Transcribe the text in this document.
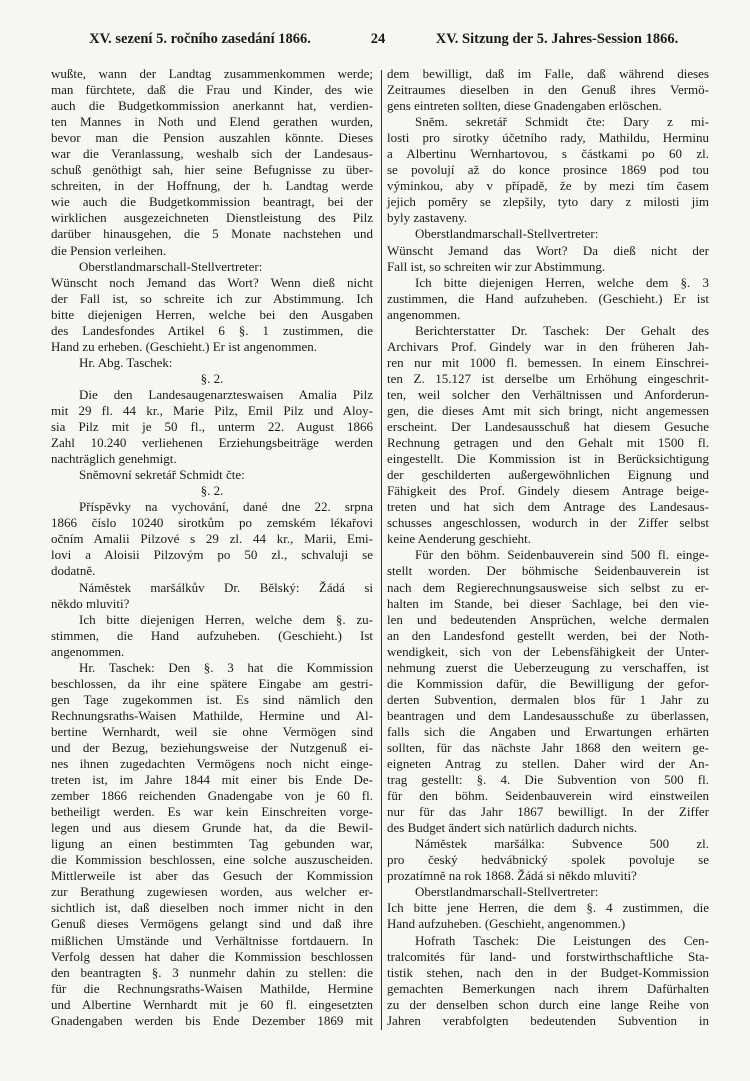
XV. sezení 5. ročního zasedání 1866.	24	XV. Sitzung der 5. Jahres-Session 1866.
wußte, wann der Landtag zusammenkommen werde;
man fürchtete, daß die Frau und Kinder, des wie
auch die Budgetkommission anerkannt hat, verdien-
ten Mannes in Noth und Elend gerathen wurden,
bevor man die Pension auszahlen könnte. Dieses
war die Veranlassung, weshalb sich der Landesaus-
schuß genöthigt sah, hier seine Befugnisse zu über-
schreiten, in der Hoffnung, der h. Landtag werde
wie auch die Budgetkommission beantragt, bei der
wirklichen ausgezeichneten Dienstleistung des Pilz
darüber hinausgehen, die 5 Monate nachstehen und
die Pension verleihen.
Oberstlandmarschall-Stellvertreter:
Wünscht noch Jemand das Wort? Wenn dieß nicht
der Fall ist, so schreite ich zur Abstimmung. Ich
bitte diejenigen Herren, welche bei den Ausgaben
des Landesfondes Artikel 6 §. 1 zustimmen, die
Hand zu erheben. (Geschieht.) Er ist angenommen.
Hr. Abg. Taschek:
§. 2.
Die den Landesaugenarzteswaisen Amalia Pilz
mit 29 fl. 44 kr., Marie Pilz, Emil Pilz und Aloy-
sia Pilz mit je 50 fl., unterm 22. August 1866
Zahl 10.240 verliehenen Erziehungsbeiträge werden
nachträglich genehmigt.
Sněmovní sekretář Schmidt čte:
§. 2.
Příspěvky na vychování, dané dne 22. srpna
1866 číslo 10240 sirotkům po zemském lékařovi
očním Amalii Pilzové s 29 zl. 44 kr., Marii, Emi-
lovi a Aloisii Pilzovým po 50 zl., schvaluji se
dodatně.
Náměstek maršálkův Dr. Bělský: Žádá si
někdo mluviti?
Ich bitte diejenigen Herren, welche dem §. zu-
stimmen, die Hand aufzuheben. (Geschieht.) Ist
angenommen.
Hr. Taschek: Den §. 3 hat die Kommission
beschlossen, da ihr eine spätere Eingabe am gestri-
gen Tage zugekommen ist. Es sind nämlich den
Rechnungsraths-Waisen Mathilde, Hermine und Al-
bertine Wernhardt, weil sie ohne Vermögen sind
und der Bezug, beziehungsweise der Nutzgenuß ei-
nes ihnen zugedachten Vermögens noch nicht einge-
treten ist, im Jahre 1844 mit einer bis Ende De-
zember 1866 reichenden Gnadengabe von je 60 fl.
betheiligt werden. Es war kein Einschreiten vorge-
legen und aus diesem Grunde hat, da die Bewil-
ligung an einen bestimmten Tag gebunden war,
die Kommission beschlossen, eine solche auszuscheiden.
Mittlerweile ist aber das Gesuch der Kommission
zur Berathung zugewiesen worden, aus welcher er-
sichtlich ist, daß dieselben noch immer nicht in den
Genuß dieses Vermögens gelangt sind und daß ihre
mißlichen Umstände und Verhältnisse fortdauern. In
Verfolg dessen hat daher die Kommission beschlossen
den beantragten §. 3 nunmehr dahin zu stellen: die
für die Rechnungsraths-Waisen Mathilde, Hermine
und Albertine Wernhardt mit je 60 fl. eingesetzten
Gnadengaben werden bis Ende Dezember 1869 mit
dem bewilligt, daß im Falle, daß während dieses
Zeitraumes dieselben in den Genuß ihres Vermö-
gens eintreten sollten, diese Gnadengaben erlöschen.
Sněm. sekretář Schmidt čte: Dary z mi-
losti pro sirotky účetního rady, Mathildu, Herminu
a Albertinu Wernhartovou, s částkami po 60 zl.
se povolují až do konce prosince 1869 pod tou
výminkou, aby v případě, že by mezi tím časem
jejich poměry se zlepšily, tyto dary z milosti jim
byly zastaveny.
Oberstlandmarschall-Stellvertreter:
Wünscht Jemand das Wort? Da dieß nicht der
Fall ist, so schreiten wir zur Abstimmung.
Ich bitte diejenigen Herren, welche dem §. 3
zustimmen, die Hand aufzuheben. (Geschieht.) Er ist
angenommen.
Berichterstatter Dr. Taschek: Der Gehalt des
Archivars Prof. Gindely war in den früheren Jah-
ren nur mit 1000 fl. bemessen. In einem Einschrei-
ten Z. 15.127 ist derselbe um Erhöhung eingeschrit-
ten, weil solcher den Verhältnissen und Anforderun-
gen, die dieses Amt mit sich bringt, nicht angemessen
erscheint. Der Landesausschuß hat diesem Gesuche
Rechnung getragen und den Gehalt mit 1500 fl.
eingestellt. Die Kommission ist in Berücksichtigung
der geschilderten außergewöhnlichen Eignung und
Fähigkeit des Prof. Gindely diesem Antrage beige-
treten und hat sich dem Antrage des Landesaus-
schusses angeschlossen, wodurch in der Ziffer selbst
keine Aenderung geschieht.
Für den böhm. Seidenbauverein sind 500 fl. einge-
stellt worden. Der böhmische Seidenbauverein ist
nach dem Regierechnungsausweise sich selbst zu er-
halten im Stande, bei dieser Sachlage, bei den vie-
len und bedeutenden Ansprüchen, welche dermalen
an den Landesfond gestellt werden, bei der Noth-
wendigkeit, sich von der Lebensfähigkeit der Unter-
nehmung zuerst die Ueberzeugung zu verschaffen, ist
die Kommission dafür, die Bewilligung der gefor-
derten Subvention, dermalen blos für 1 Jahr zu
beantragen und dem Landesausschuße zu überlassen,
falls sich die Angaben und Erwartungen erhärten
sollten, für das nächste Jahr 1868 den weitern ge-
eigneten Antrag zu stellen. Daher wird der An-
trag gestellt: §. 4. Die Subvention von 500 fl.
für den böhm. Seidenbauverein wird einstweilen
nur für das Jahr 1867 bewilligt. In der Ziffer
des Budget ändert sich natürlich dadurch nichts.
Náměstek maršálka: Subvence 500 zl.
pro český hedvábnický spolek povoluje se
prozatímně na rok 1868. Žádá si někdo mluviti?
Oberstlandmarschall-Stellvertreter:
Ich bitte jene Herren, die dem §. 4 zustimmen, die
Hand aufzuheben. (Geschieht, angenommen.)
Hofrath Taschek: Die Leistungen des Cen-
tralcomités für land- und forstwirthschaftliche Sta-
tistik stehen, nach den in der Budget-Kommission
gemachten Bemerkungen nach ihrem Dafürhalten
zu der denselben schon durch eine lange Reihe von
Jahren verabfolgten bedeutenden Subvention in
